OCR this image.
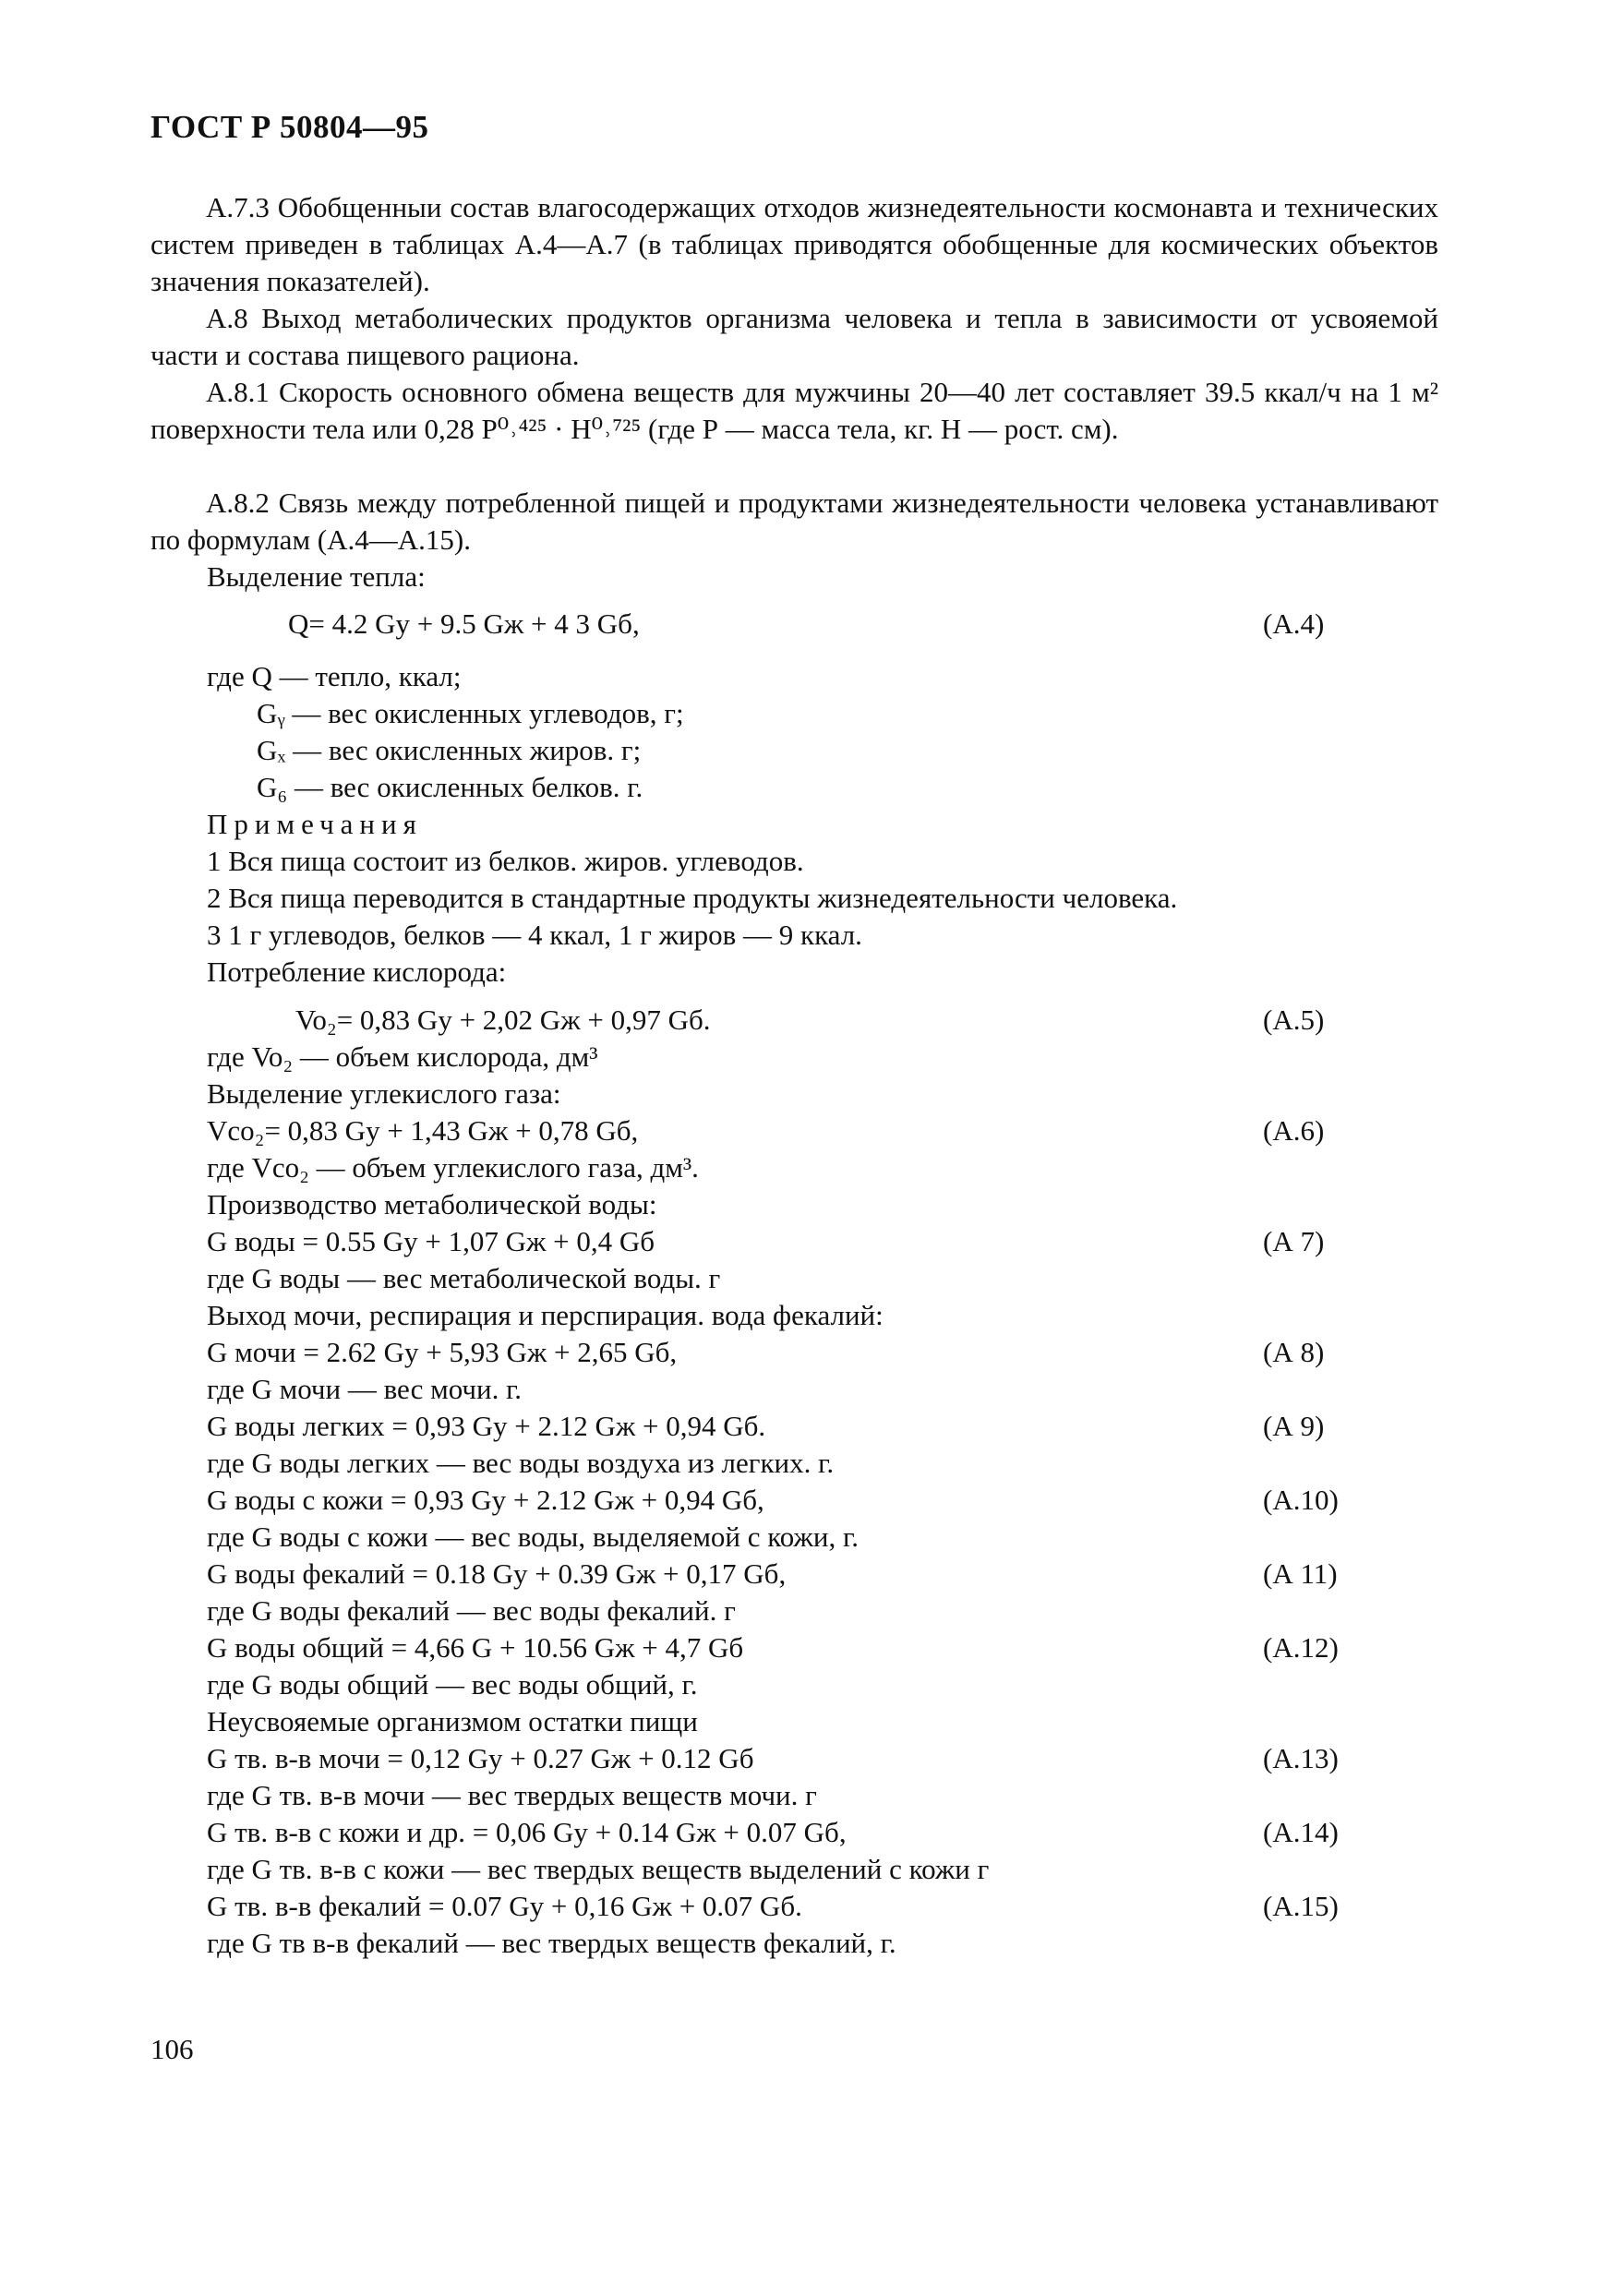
ГОСТ Р 50804—95
А.7.3 Обобщенныи состав влагосодержащих отходов жизнедеятельности космонавта и технических систем приведен в таблицах А.4—А.7 (в таблицах приводятся обобщенные для космических объектов значения показателей).
А.8 Выход метаболических продуктов организма человека и тепла в зависимости от усвояемой части и состава пищевого рациона.
А.8.1 Скорость основного обмена веществ для мужчины 20—40 лет составляет 39.5 ккал/ч на 1 м² поверхности тела или 0,28 Р⁰˒⁴²⁵ · Н⁰˒⁷²⁵ (где Р — масса тела, кг. Н — рост. см).
А.8.2 Связь между потребленной пищей и продуктами жизнедеятельности человека устанавливают по формулам (А.4—А.15).
Выделение тепла:
Q= 4.2 Gу + 9.5 Gж + 4 3 Gб,	(А.4)
где Q — тепло, ккал;
Gᵧ — вес окисленных углеводов, г;
Gₓ — вес окисленных жиров. г;
G₆ — вес окисленных белков. г.
Примечания
1 Вся пища состоит из белков. жиров. углеводов.
2 Вся пища переводится в стандартные продукты жизнедеятельности человека.
3 1 г углеводов, белков — 4 ккал, 1 г жиров — 9 ккал.
Потребление кислорода:
Vo₂= 0,83 Gу + 2,02 Gж + 0,97 Gб.	(А.5)
где Vo₂ — объем кислорода, дм³
Выделение углекислого газа:
Vco₂= 0,83 Gу + 1,43 Gж + 0,78 Gб,	(А.6)
где Vco₂ — объем углекислого газа, дм³.
Производство метаболической воды:
G воды = 0.55 Gу + 1,07 Gж + 0,4 Gб	(А 7)
где G воды — вес метаболической воды. г
Выход мочи, респирация и перспирация. вода фекалий:
G мочи = 2.62 Gу + 5,93 Gж + 2,65 Gб,	(А 8)
где G мочи — вес мочи. г.
G воды легких = 0,93 Gу + 2.12 Gж + 0,94 Gб.	(А 9)
где G воды легких — вес воды воздуха из легких. г.
G воды с кожи = 0,93 Gу + 2.12 Gж + 0,94 Gб,	(А.10)
где G воды с кожи — вес воды, выделяемой с кожи, г.
G воды фекалий = 0.18 Gу + 0.39 Gж + 0,17 Gб,	(А 11)
где G воды фекалий — вес воды фекалий. г
G воды общий = 4,66 G + 10.56 Gж + 4,7 Gб	(А.12)
где G воды общий — вес воды общий, г.
Неусвояемые организмом остатки пищи
G тв. в-в мочи = 0,12 Gу + 0.27 Gж + 0.12 Gб	(А.13)
где G тв. в-в мочи — вес твердых веществ мочи. г
G тв. в-в с кожи и др. = 0,06 Gу + 0.14 Gж + 0.07 Gб,	(А.14)
где G тв. в-в с кожи — вес твердых веществ выделений с кожи г
G тв. в-в фекалий = 0.07 Gу + 0,16 Gж + 0.07 Gб.	(А.15)
где G тв в-в фекалий — вес твердых веществ фекалий, г.
106
